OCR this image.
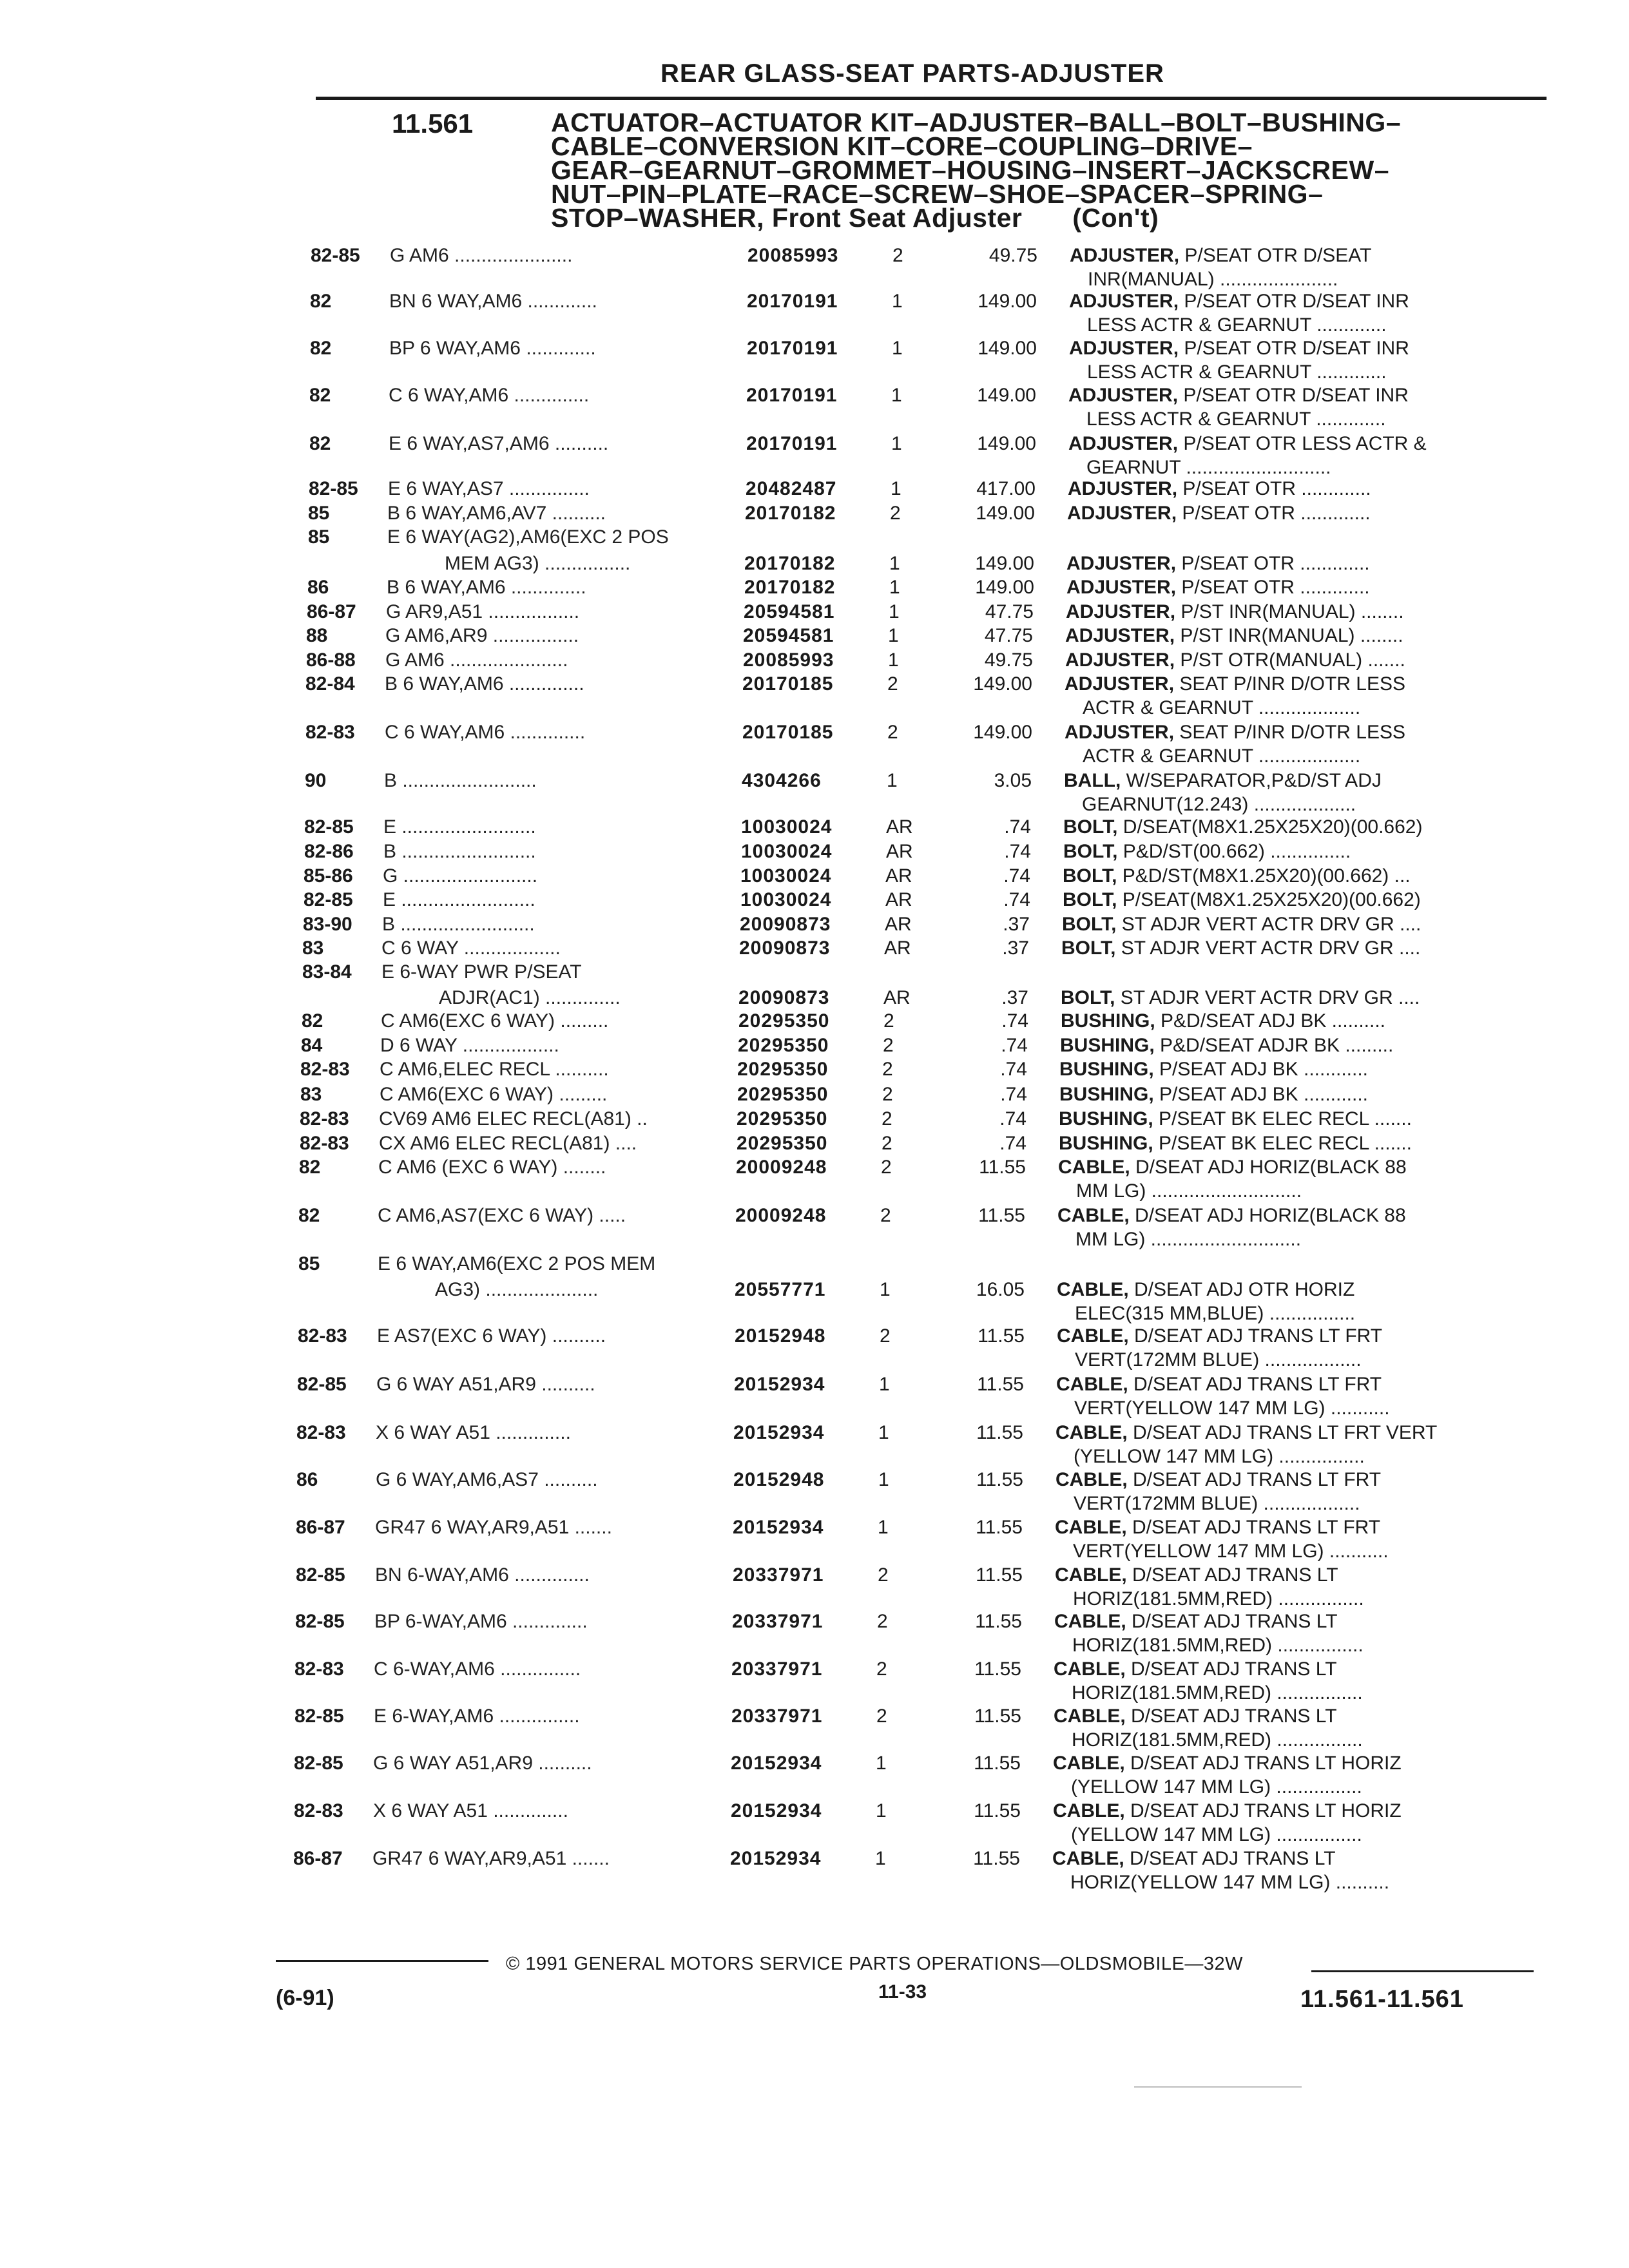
REAR GLASS-SEAT PARTS-ADJUSTER
11.561	ACTUATOR–ACTUATOR KIT–ADJUSTER–BALL–BOLT–BUSHING–
CABLE–CONVERSION KIT–CORE–COUPLING–DRIVE–
GEAR–GEARNUT–GROMMET–HOUSING–INSERT–JACKSCREW–
NUT–PIN–PLATE–RACE–SCREW–SHOE–SPACER–SPRING–
STOP–WASHER, Front Seat Adjuster (Con't)
82-85 G AM6 ......................	20085993	2	49.75 ADJUSTER, P/SEAT OTR D/SEAT
INR(MANUAL) ......................
82	BN 6 WAY,AM6 .............	20170191	1	149.00 ADJUSTER, P/SEAT OTR D/SEAT INR
LESS ACTR & GEARNUT .............
82	BP 6 WAY,AM6 .............	20170191	1	149.00 ADJUSTER, P/SEAT OTR D/SEAT INR
LESS ACTR & GEARNUT .............
82	C 6 WAY,AM6 ..............	20170191	1	149.00 ADJUSTER, P/SEAT OTR D/SEAT INR
LESS ACTR & GEARNUT .............
82	E 6 WAY,AS7,AM6 ..........	20170191	1	149.00 ADJUSTER, P/SEAT OTR LESS ACTR &
GEARNUT ...........................
82-85 E 6 WAY,AS7 ...............	20482487	1	417.00 ADJUSTER, P/SEAT OTR .............
85	B 6 WAY,AM6,AV7 ..........	20170182	2	149.00 ADJUSTER, P/SEAT OTR .............
85	E 6 WAY(AG2),AM6(EXC 2 POS
MEM AG3) ................	20170182	1	149.00 ADJUSTER, P/SEAT OTR .............
86	B 6 WAY,AM6 ..............	20170182	1	149.00 ADJUSTER, P/SEAT OTR .............
86-87 G AR9,A51 .................	20594581	1	47.75 ADJUSTER, P/ST INR(MANUAL) ........
88	G AM6,AR9 ................	20594581	1	47.75 ADJUSTER, P/ST INR(MANUAL) ........
86-88 G AM6 ......................	20085993	1	49.75 ADJUSTER, P/ST OTR(MANUAL) .......
82-84 B 6 WAY,AM6 ..............	20170185	2	149.00 ADJUSTER, SEAT P/INR D/OTR LESS
ACTR & GEARNUT ...................
82-83 C 6 WAY,AM6 ..............	20170185	2	149.00 ADJUSTER, SEAT P/INR D/OTR LESS
ACTR & GEARNUT ...................
90	B .........................	4304266	1	3.05 BALL, W/SEPARATOR,P&D/ST ADJ
GEARNUT(12.243) ...................
82-85 E .........................	10030024	AR	.74 BOLT, D/SEAT(M8X1.25X25X20)(00.662)
82-86 B .........................	10030024	AR	.74 BOLT, P&D/ST(00.662) ...............
85-86 G .........................	10030024	AR	.74 BOLT, P&D/ST(M8X1.25X20)(00.662) ...
82-85 E .........................	10030024	AR	.74 BOLT, P/SEAT(M8X1.25X25X20)(00.662)
83-90 B .........................	20090873	AR	.37 BOLT, ST ADJR VERT ACTR DRV GR ....
83	C 6 WAY ..................	20090873	AR	.37 BOLT, ST ADJR VERT ACTR DRV GR ....
83-84 E 6-WAY PWR P/SEAT
ADJR(AC1) ..............	20090873	AR	.37 BOLT, ST ADJR VERT ACTR DRV GR ....
82	C AM6(EXC 6 WAY) .........	20295350	2	.74 BUSHING, P&D/SEAT ADJ BK ..........
84	D 6 WAY ..................	20295350	2	.74 BUSHING, P&D/SEAT ADJR BK .........
82-83 C AM6,ELEC RECL ..........	20295350	2	.74 BUSHING, P/SEAT ADJ BK ............
83	C AM6(EXC 6 WAY) .........	20295350	2	.74 BUSHING, P/SEAT ADJ BK ............
82-83 CV69 AM6 ELEC RECL(A81) ..	20295350	2	.74 BUSHING, P/SEAT BK ELEC RECL .......
82-83 CX AM6 ELEC RECL(A81) ....	20295350	2	.74 BUSHING, P/SEAT BK ELEC RECL .......
82	C AM6 (EXC 6 WAY) ........	20009248	2	11.55 CABLE, D/SEAT ADJ HORIZ(BLACK 88
MM LG) ............................
82	C AM6,AS7(EXC 6 WAY) .....	20009248	2	11.55 CABLE, D/SEAT ADJ HORIZ(BLACK 88
MM LG) ............................
85	E 6 WAY,AM6(EXC 2 POS MEM
AG3) .....................	20557771	1	16.05 CABLE, D/SEAT ADJ OTR HORIZ
ELEC(315 MM,BLUE) ................
82-83 E AS7(EXC 6 WAY) ..........	20152948	2	11.55 CABLE, D/SEAT ADJ TRANS LT FRT
VERT(172MM BLUE) ..................
82-85 G 6 WAY A51,AR9 ..........	20152934	1	11.55 CABLE, D/SEAT ADJ TRANS LT FRT
VERT(YELLOW 147 MM LG) ...........
82-83 X 6 WAY A51 ..............	20152934	1	11.55 CABLE, D/SEAT ADJ TRANS LT FRT VERT
(YELLOW 147 MM LG) ................
86	G 6 WAY,AM6,AS7 ..........	20152948	1	11.55 CABLE, D/SEAT ADJ TRANS LT FRT
VERT(172MM BLUE) ..................
86-87 GR47 6 WAY,AR9,A51 .......	20152934	1	11.55 CABLE, D/SEAT ADJ TRANS LT FRT
VERT(YELLOW 147 MM LG) ...........
82-85 BN 6-WAY,AM6 ..............	20337971	2	11.55 CABLE, D/SEAT ADJ TRANS LT
HORIZ(181.5MM,RED) ................
82-85 BP 6-WAY,AM6 ..............	20337971	2	11.55 CABLE, D/SEAT ADJ TRANS LT
HORIZ(181.5MM,RED) ................
82-83 C 6-WAY,AM6 ...............	20337971	2	11.55 CABLE, D/SEAT ADJ TRANS LT
HORIZ(181.5MM,RED) ................
82-85 E 6-WAY,AM6 ...............	20337971	2	11.55 CABLE, D/SEAT ADJ TRANS LT
HORIZ(181.5MM,RED) ................
82-85 G 6 WAY A51,AR9 ..........	20152934	1	11.55 CABLE, D/SEAT ADJ TRANS LT HORIZ
(YELLOW 147 MM LG) ................
82-83 X 6 WAY A51 ..............	20152934	1	11.55 CABLE, D/SEAT ADJ TRANS LT HORIZ
(YELLOW 147 MM LG) ................
86-87 GR47 6 WAY,AR9,A51 .......	20152934	1	11.55 CABLE, D/SEAT ADJ TRANS LT
HORIZ(YELLOW 147 MM LG) ..........
© 1991 GENERAL MOTORS SERVICE PARTS OPERATIONS—OLDSMOBILE—32W
(6-91)	11-33	11.561-11.561
